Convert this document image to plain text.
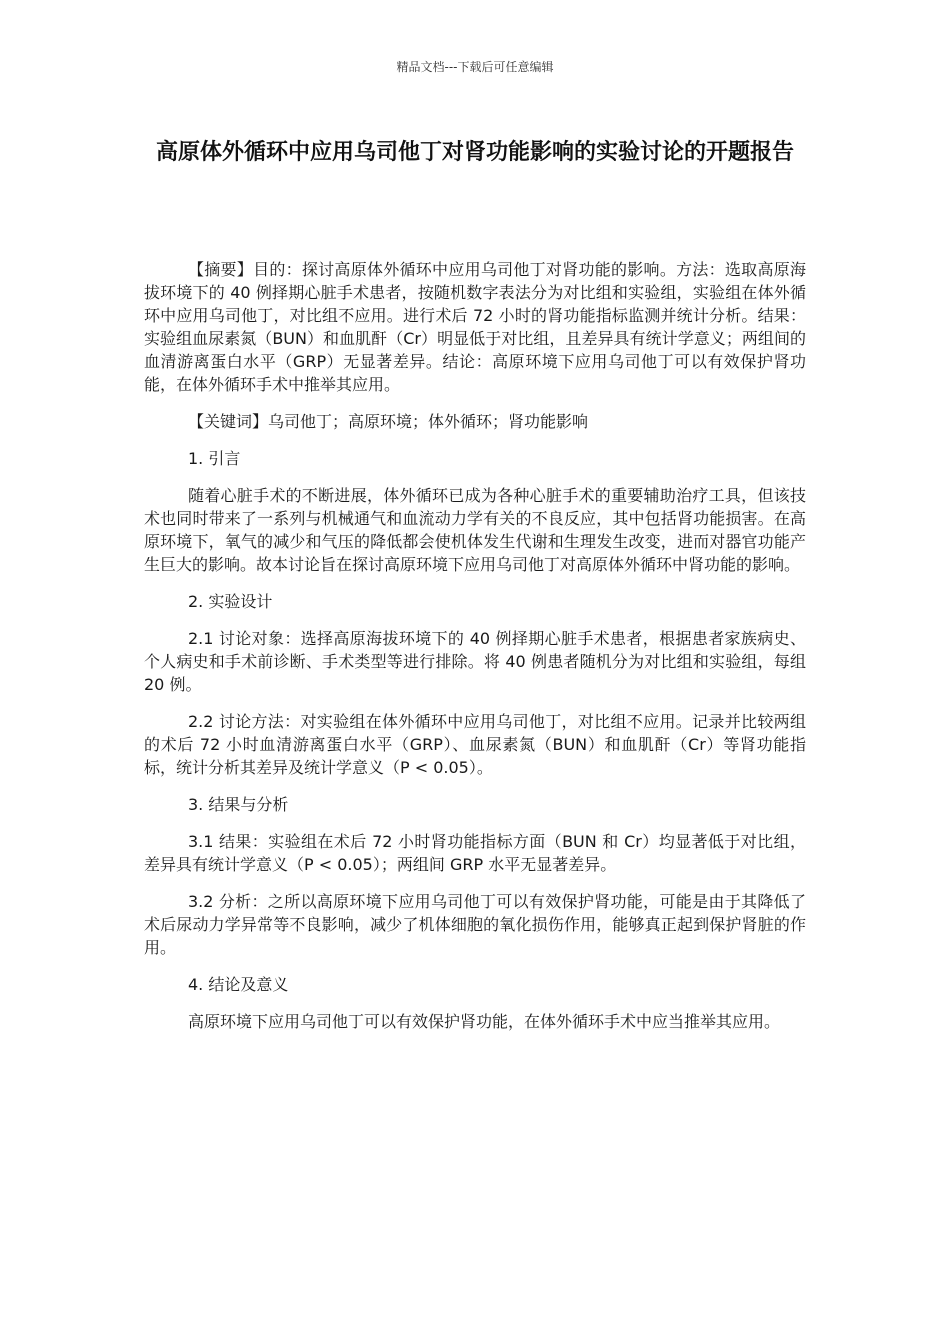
精品文档---下载后可任意编辑
高原体外循环中应用乌司他丁对肾功能影响的实验讨论的开题报告

【摘要】目的：探讨高原体外循环中应用乌司他丁对肾功能的影响。方法：选取高原海拔环境下的 40 例择期心脏手术患者，按随机数字表法分为对比组和实验组，实验组在体外循环中应用乌司他丁，对比组不应用。进行术后 72 小时的肾功能指标监测并统计分析。结果：实验组血尿素氮（BUN）和血肌酐（Cr）明显低于对比组，且差异具有统计学意义；两组间的血清游离蛋白水平（GRP）无显著差异。结论：高原环境下应用乌司他丁可以有效保护肾功能，在体外循环手术中推举其应用。

【关键词】乌司他丁；高原环境；体外循环；肾功能影响

1. 引言

随着心脏手术的不断进展，体外循环已成为各种心脏手术的重要辅助治疗工具，但该技术也同时带来了一系列与机械通气和血流动力学有关的不良反应，其中包括肾功能损害。在高原环境下，氧气的减少和气压的降低都会使机体发生代谢和生理发生改变，进而对器官功能产生巨大的影响。故本讨论旨在探讨高原环境下应用乌司他丁对高原体外循环中肾功能的影响。

2. 实验设计

2.1 讨论对象：选择高原海拔环境下的 40 例择期心脏手术患者，根据患者家族病史、个人病史和手术前诊断、手术类型等进行排除。将 40 例患者随机分为对比组和实验组，每组 20 例。

2.2 讨论方法：对实验组在体外循环中应用乌司他丁，对比组不应用。记录并比较两组的术后 72 小时血清游离蛋白水平（GRP）、血尿素氮（BUN）和血肌酐（Cr）等肾功能指标，统计分析其差异及统计学意义（P < 0.05）。

3. 结果与分析

3.1 结果：实验组在术后 72 小时肾功能指标方面（BUN 和 Cr）均显著低于对比组，差异具有统计学意义（P < 0.05）；两组间 GRP 水平无显著差异。

3.2 分析：之所以高原环境下应用乌司他丁可以有效保护肾功能，可能是由于其降低了术后尿动力学异常等不良影响，减少了机体细胞的氧化损伤作用，能够真正起到保护肾脏的作用。

4. 结论及意义

高原环境下应用乌司他丁可以有效保护肾功能，在体外循环手术中应当推举其应用。
